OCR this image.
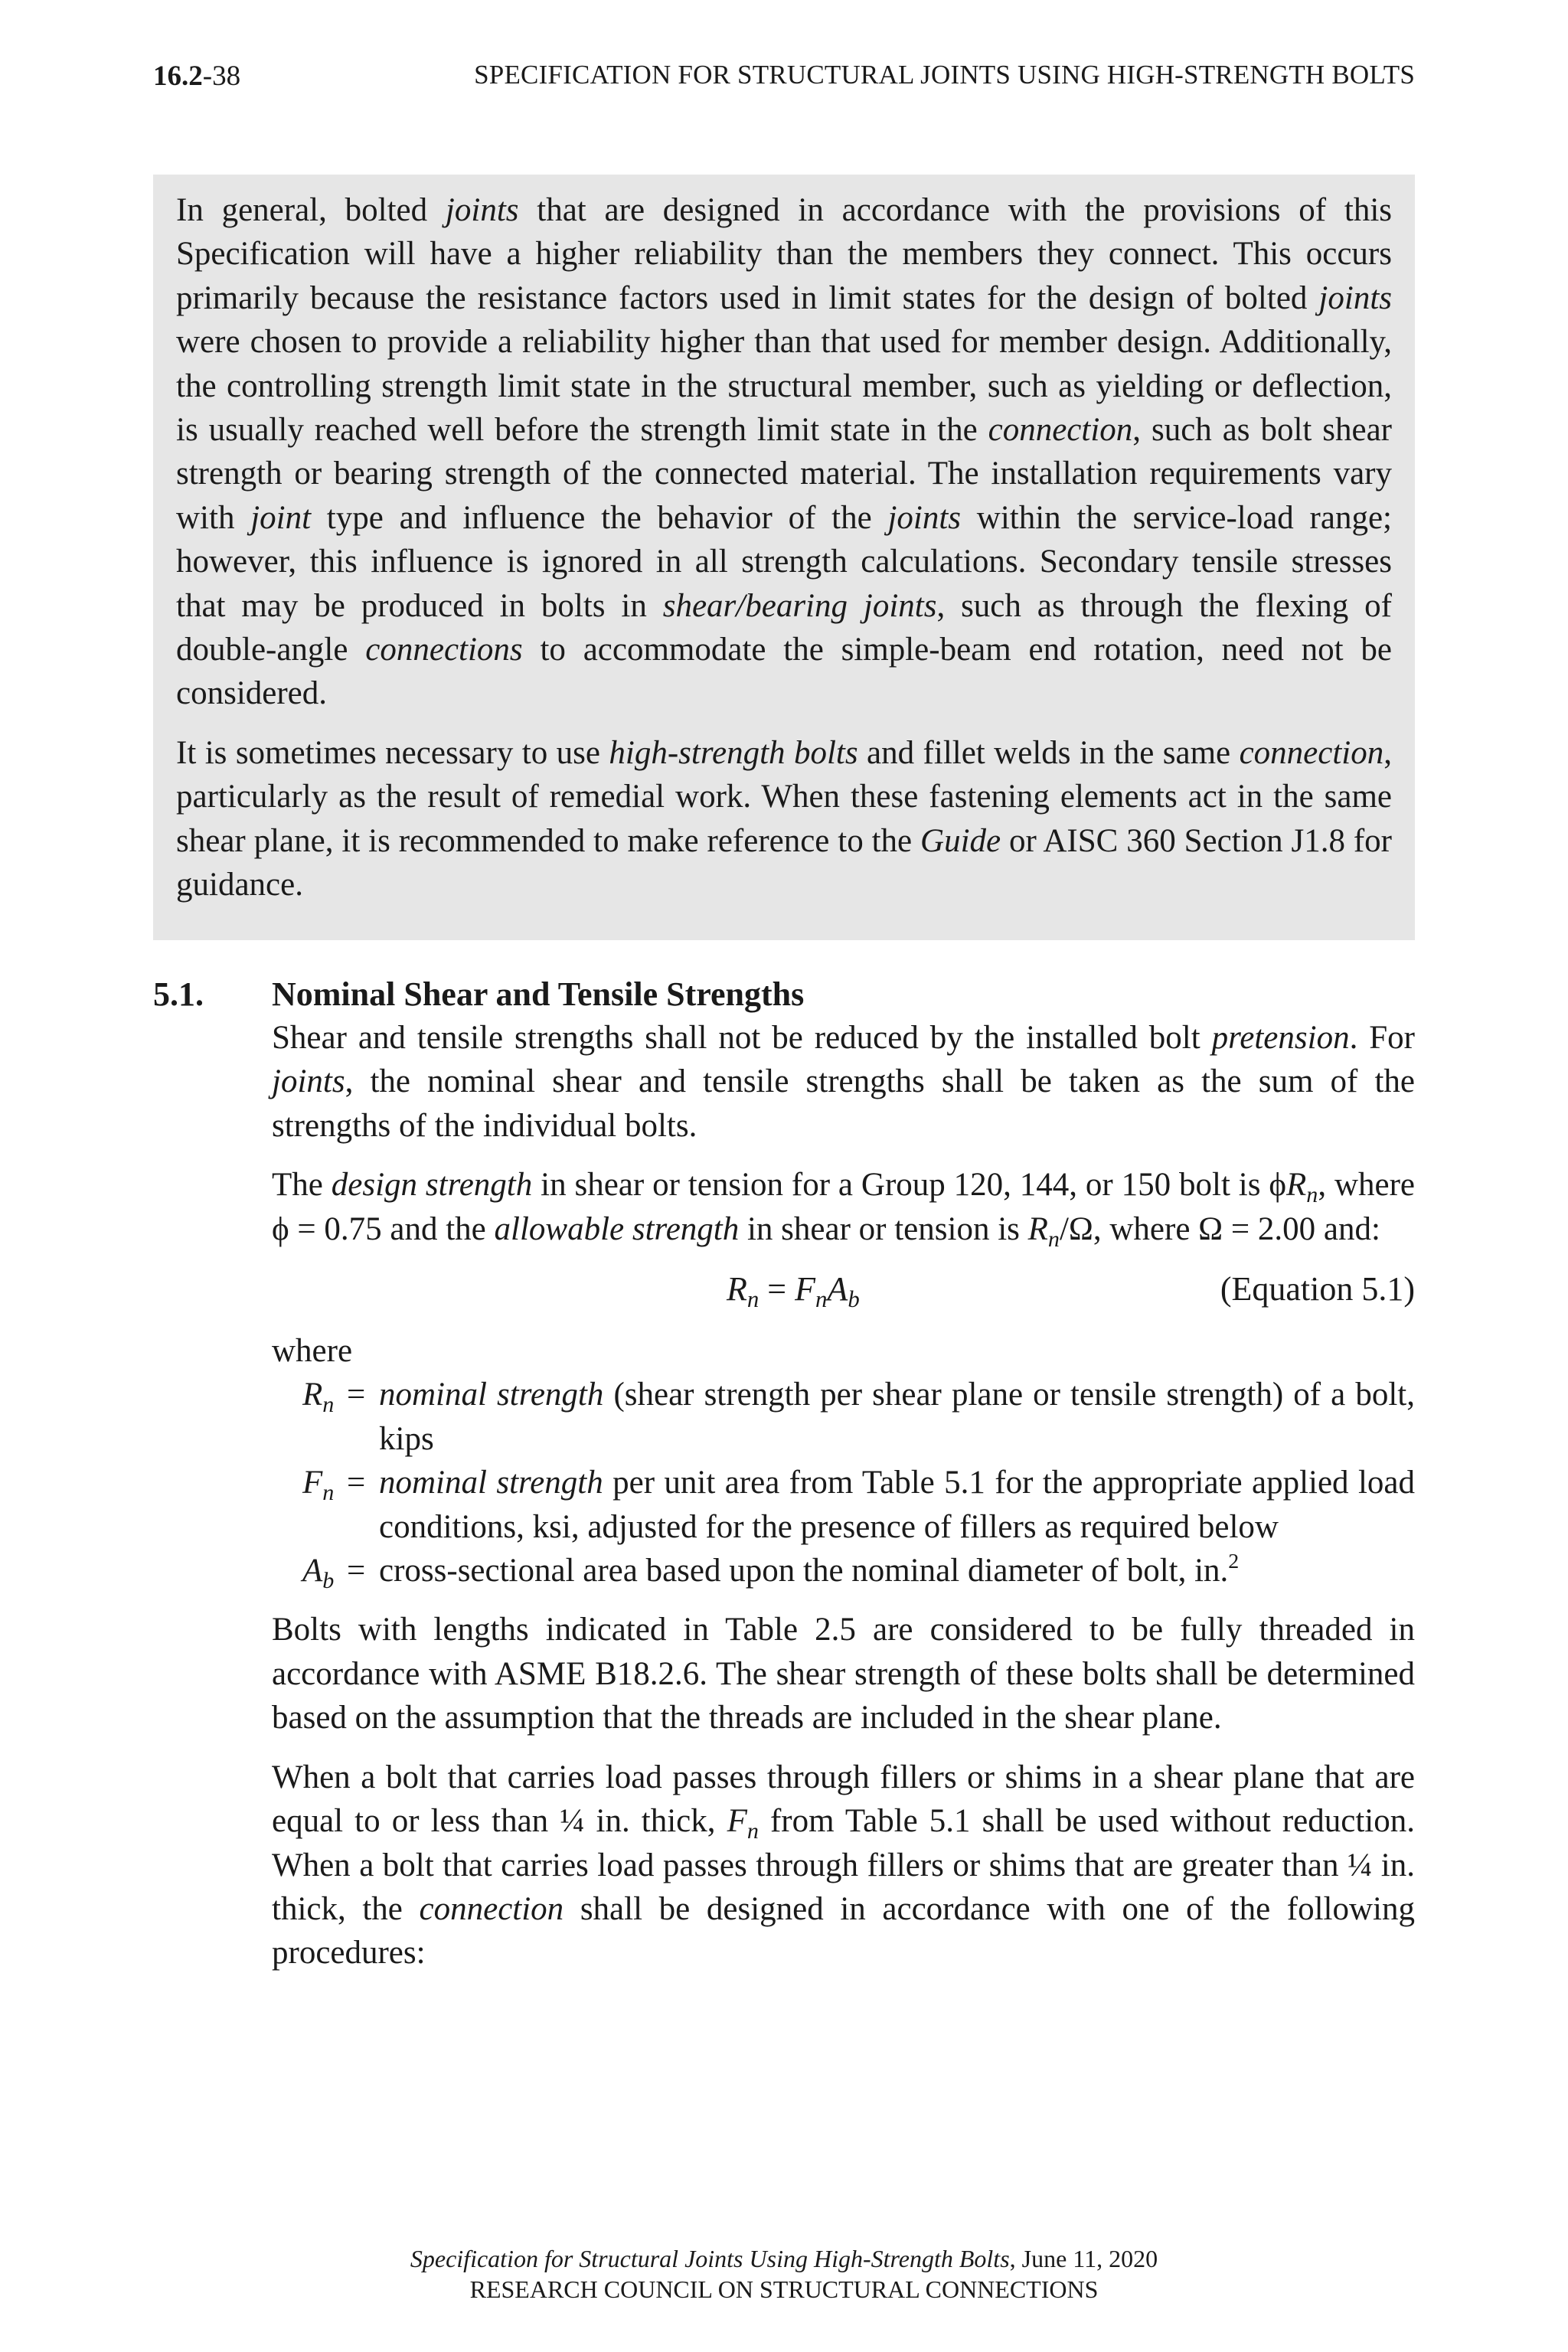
16.2-38	SPECIFICATION FOR STRUCTURAL JOINTS USING HIGH-STRENGTH BOLTS

In general, bolted joints that are designed in accordance with the provisions of this Specification will have a higher reliability than the members they connect. This occurs primarily because the resistance factors used in limit states for the design of bolted joints were chosen to provide a reliability higher than that used for member design. Additionally, the controlling strength limit state in the structural member, such as yielding or deflection, is usually reached well before the strength limit state in the connection, such as bolt shear strength or bearing strength of the connected material. The installation requirements vary with joint type and influence the behavior of the joints within the service-load range; however, this influence is ignored in all strength calculations. Secondary tensile stresses that may be produced in bolts in shear/bearing joints, such as through the flexing of double-angle connections to accommodate the simple-beam end rotation, need not be considered.

It is sometimes necessary to use high-strength bolts and fillet welds in the same connection, particularly as the result of remedial work. When these fastening elements act in the same shear plane, it is recommended to make reference to the Guide or AISC 360 Section J1.8 for guidance.

5.1. Nominal Shear and Tensile Strengths

Shear and tensile strengths shall not be reduced by the installed bolt pretension. For joints, the nominal shear and tensile strengths shall be taken as the sum of the strengths of the individual bolts.

The design strength in shear or tension for a Group 120, 144, or 150 bolt is $\phi R_n$, where ϕ = 0.75 and the allowable strength in shear or tension is $R_n/\Omega$, where Ω = 2.00 and:

$R_n = F_nA_b$	(Equation 5.1)
where
$R_n$ = nominal strength (shear strength per shear plane or tensile strength) of a bolt, kips
$F_n$ = nominal strength per unit area from Table 5.1 for the appropriate applied load conditions, ksi, adjusted for the presence of fillers as required below
$A_b$ = cross-sectional area based upon the nominal diameter of bolt, in.$^2$

Bolts with lengths indicated in Table 2.5 are considered to be fully threaded in accordance with ASME B18.2.6. The shear strength of these bolts shall be determined based on the assumption that the threads are included in the shear plane.

When a bolt that carries load passes through fillers or shims in a shear plane that are equal to or less than ¼ in. thick, $F_n$ from Table 5.1 shall be used without reduction. When a bolt that carries load passes through fillers or shims that are greater than ¼ in. thick, the connection shall be designed in accordance with one of the following procedures:

Specification for Structural Joints Using High-Strength Bolts, June 11, 2020
RESEARCH COUNCIL ON STRUCTURAL CONNECTIONS
